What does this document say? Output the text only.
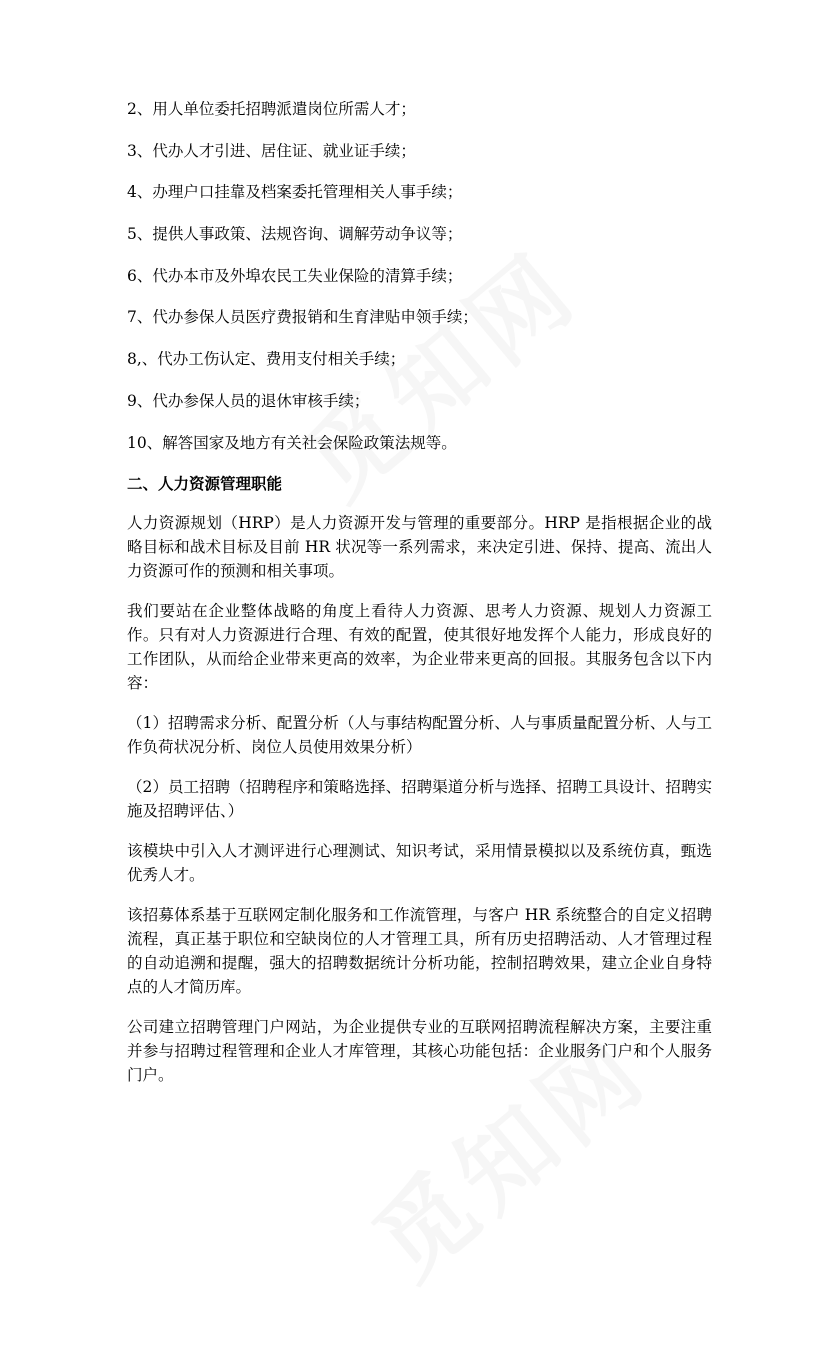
2、用人单位委托招聘派遣岗位所需人才；
3、代办人才引进、居住证、就业证手续；
4、办理户口挂靠及档案委托管理相关人事手续；
5、提供人事政策、法规咨询、调解劳动争议等；
6、代办本市及外埠农民工失业保险的清算手续；
7、代办参保人员医疗费报销和生育津贴申领手续；
8,、代办工伤认定、费用支付相关手续；
9、代办参保人员的退休审核手续；
10、解答国家及地方有关社会保险政策法规等。
二、人力资源管理职能

人力资源规划（HRP）是人力资源开发与管理的重要部分。HRP 是指根据企业的战略目标和战术目标及目前 HR 状况等一系列需求，来决定引进、保持、提高、流出人力资源可作的预测和相关事项。

我们要站在企业整体战略的角度上看待人力资源、思考人力资源、规划人力资源工作。只有对人力资源进行合理、有效的配置，使其很好地发挥个人能力，形成良好的工作团队，从而给企业带来更高的效率，为企业带来更高的回报。其服务包含以下内容：

（1）招聘需求分析、配置分析（人与事结构配置分析、人与事质量配置分析、人与工作负荷状况分析、岗位人员使用效果分析）

（2）员工招聘（招聘程序和策略选择、招聘渠道分析与选择、招聘工具设计、招聘实施及招聘评估、）

该模块中引入人才测评进行心理测试、知识考试，采用情景模拟以及系统仿真，甄选优秀人才。

该招募体系基于互联网定制化服务和工作流管理，与客户 HR 系统整合的自定义招聘流程，真正基于职位和空缺岗位的人才管理工具，所有历史招聘活动、人才管理过程的自动追溯和提醒，强大的招聘数据统计分析功能，控制招聘效果，建立企业自身特点的人才简历库。

公司建立招聘管理门户网站，为企业提供专业的互联网招聘流程解决方案，主要注重并参与招聘过程管理和企业人才库管理，其核心功能包括：企业服务门户和个人服务门户。
